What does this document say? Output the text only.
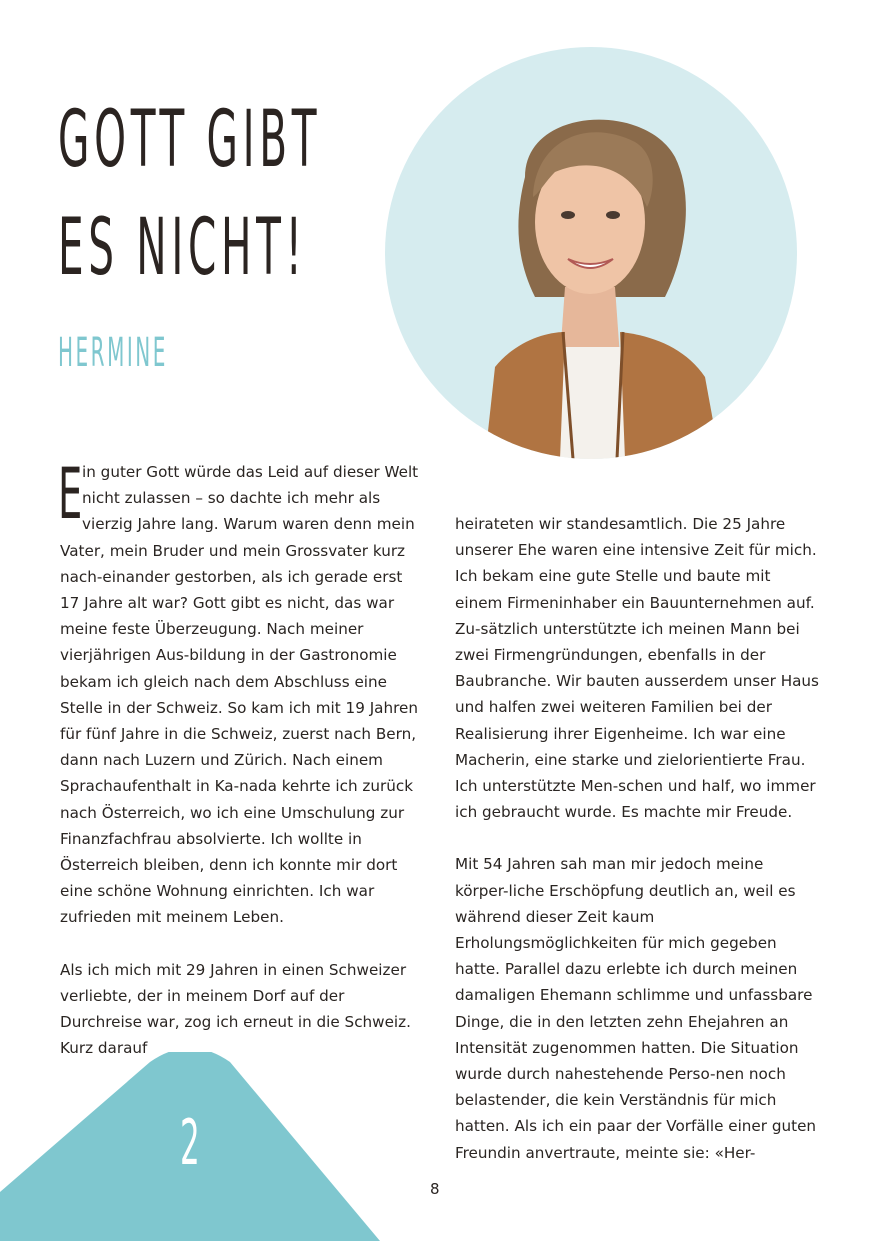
GOTT GIBT
ES NICHT!
HERMINE

Ein guter Gott würde das Leid auf dieser Welt nicht zulassen – so dachte ich mehr als vierzig Jahre lang. Warum waren denn mein Vater, mein Bruder und mein Grossvater kurz nach-einander gestorben, als ich gerade erst 17 Jahre alt war? Gott gibt es nicht, das war meine feste Überzeugung. Nach meiner vierjährigen Aus-bildung in der Gastronomie bekam ich gleich nach dem Abschluss eine Stelle in der Schweiz. So kam ich mit 19 Jahren für fünf Jahre in die Schweiz, zuerst nach Bern, dann nach Luzern und Zürich. Nach einem Sprachaufenthalt in Ka-nada kehrte ich zurück nach Österreich, wo ich eine Umschulung zur Finanzfachfrau absolvierte. Ich wollte in Österreich bleiben, denn ich konnte mir dort eine schöne Wohnung einrichten. Ich war zufrieden mit meinem Leben.

Als ich mich mit 29 Jahren in einen Schweizer verliebte, der in meinem Dorf auf der Durchreise war, zog ich erneut in die Schweiz. Kurz darauf

heirateten wir standesamtlich. Die 25 Jahre unserer Ehe waren eine intensive Zeit für mich. Ich bekam eine gute Stelle und baute mit einem Firmeninhaber ein Bauunternehmen auf. Zu-sätzlich unterstützte ich meinen Mann bei zwei Firmengründungen, ebenfalls in der Baubranche. Wir bauten ausserdem unser Haus und halfen zwei weiteren Familien bei der Realisierung ihrer Eigenheime. Ich war eine Macherin, eine starke und zielorientierte Frau. Ich unterstützte Men-schen und half, wo immer ich gebraucht wurde. Es machte mir Freude.

Mit 54 Jahren sah man mir jedoch meine körper-liche Erschöpfung deutlich an, weil es während dieser Zeit kaum Erholungsmöglichkeiten für mich gegeben hatte. Parallel dazu erlebte ich durch meinen damaligen Ehemann schlimme und unfassbare Dinge, die in den letzten zehn Ehejahren an Intensität zugenommen hatten. Die Situation wurde durch nahestehende Perso-nen noch belastender, die kein Verständnis für mich hatten. Als ich ein paar der Vorfälle einer guten Freundin anvertraute, meinte sie: «Her-

2
8
